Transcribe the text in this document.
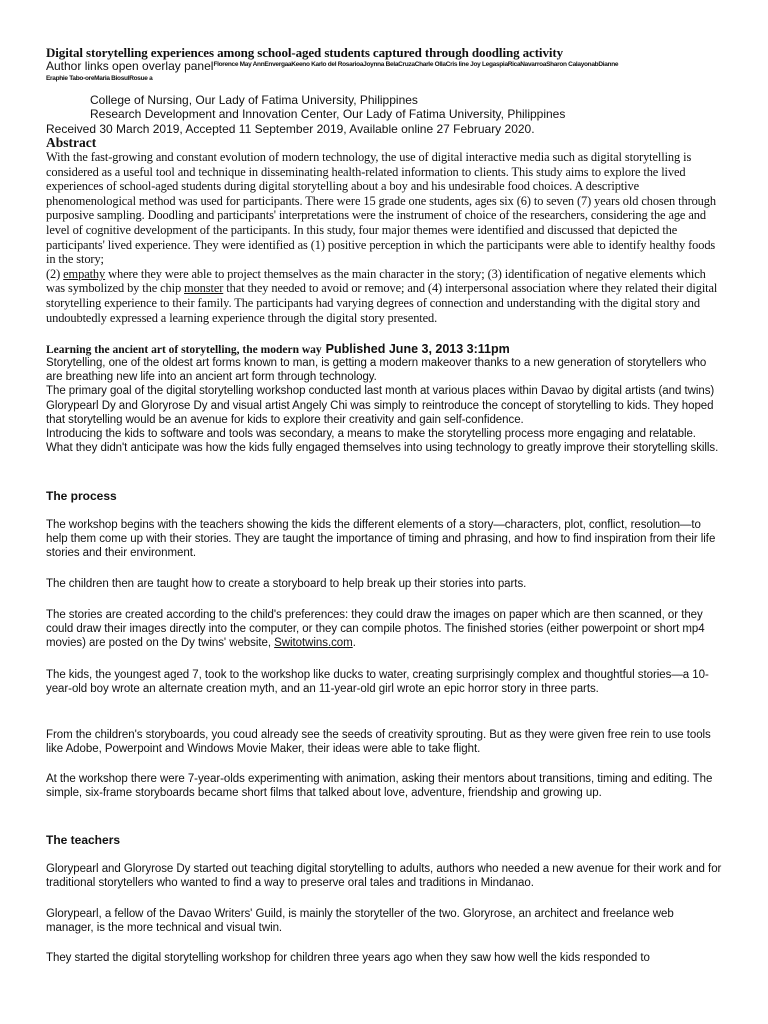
Digital storytelling experiences among school-aged students captured through doodling activity
Author links open overlay panel$^{Florence May AnnEnvergaaKeeno Karlo del RosarioaJoynna BelaCruzaCharle OllaCris line Joy LegaspiaRicaNavarroaSharon CalayonabDianne}$
Eraphie Tabo-oreMaria BiosulRosue a
College of Nursing, Our Lady of Fatima University, Philippines
Research Development and Innovation Center, Our Lady of Fatima University, Philippines
Received 30 March 2019, Accepted 11 September 2019, Available online 27 February 2020.
Abstract
With the fast-growing and constant evolution of modern technology, the use of digital interactive media such as digital storytelling is considered as a useful tool and technique in disseminating health-related information to clients. This study aims to explore the lived experiences of school-aged students during digital storytelling about a boy and his undesirable food choices. A descriptive phenomenological method was used for participants. There were 15 grade one students, ages six (6) to seven (7) years old chosen through purposive sampling. Doodling and participants' interpretations were the instrument of choice of the researchers, considering the age and level of cognitive development of the participants. In this study, four major themes were identified and discussed that depicted the participants' lived experience. They were identified as (1) positive perception in which the participants were able to identify healthy foods in the story;
(2) empathy where they were able to project themselves as the main character in the story; (3) identification of negative elements which was symbolized by the chip monster that they needed to avoid or remove; and (4) interpersonal association where they related their digital storytelling experience to their family. The participants had varying degrees of connection and understanding with the digital story and undoubtedly expressed a learning experience through the digital story presented.
Learning the ancient art of storytelling, the modern way Published June 3, 2013 3:11pm
Storytelling, one of the oldest art forms known to man, is getting a modern makeover thanks to a new generation of storytellers who are breathing new life into an ancient art form through technology.
The primary goal of the digital storytelling workshop conducted last month at various places within Davao by digital artists (and twins) Glorypearl Dy and Gloryrose Dy and visual artist Angely Chi was simply to reintroduce the concept of storytelling to kids. They hoped that storytelling would be an avenue for kids to explore their creativity and gain self-confidence.
Introducing the kids to software and tools was secondary, a means to make the storytelling process more engaging and relatable. What they didn't anticipate was how the kids fully engaged themselves into using technology to greatly improve their storytelling skills.
The process
The workshop begins with the teachers showing the kids the different elements of a story—characters, plot, conflict, resolution—to help them come up with their stories. They are taught the importance of timing and phrasing, and how to find inspiration from their life stories and their environment.
The children then are taught how to create a storyboard to help break up their stories into parts.
The stories are created according to the child's preferences: they could draw the images on paper which are then scanned, or they could draw their images directly into the computer, or they can compile photos. The finished stories (either powerpoint or short mp4 movies) are posted on the Dy twins' website, Switotwins.com.
The kids, the youngest aged 7, took to the workshop like ducks to water, creating surprisingly complex and thoughtful stories—a 10-year-old boy wrote an alternate creation myth, and an 11-year-old girl wrote an epic horror story in three parts.
From the children's storyboards, you coud already see the seeds of creativity sprouting. But as they were given free rein to use tools like Adobe, Powerpoint and Windows Movie Maker, their ideas were able to take flight.
At the workshop there were 7-year-olds experimenting with animation, asking their mentors about transitions, timing and editing. The simple, six-frame storyboards became short films that talked about love, adventure, friendship and growing up.
The teachers
Glorypearl and Gloryrose Dy started out teaching digital storytelling to adults, authors who needed a new avenue for their work and for traditional storytellers who wanted to find a way to preserve oral tales and traditions in Mindanao.
Glorypearl, a fellow of the Davao Writers' Guild, is mainly the storyteller of the two. Gloryrose, an architect and freelance web manager, is the more technical and visual twin.
They started the digital storytelling workshop for children three years ago when they saw how well the kids responded to
